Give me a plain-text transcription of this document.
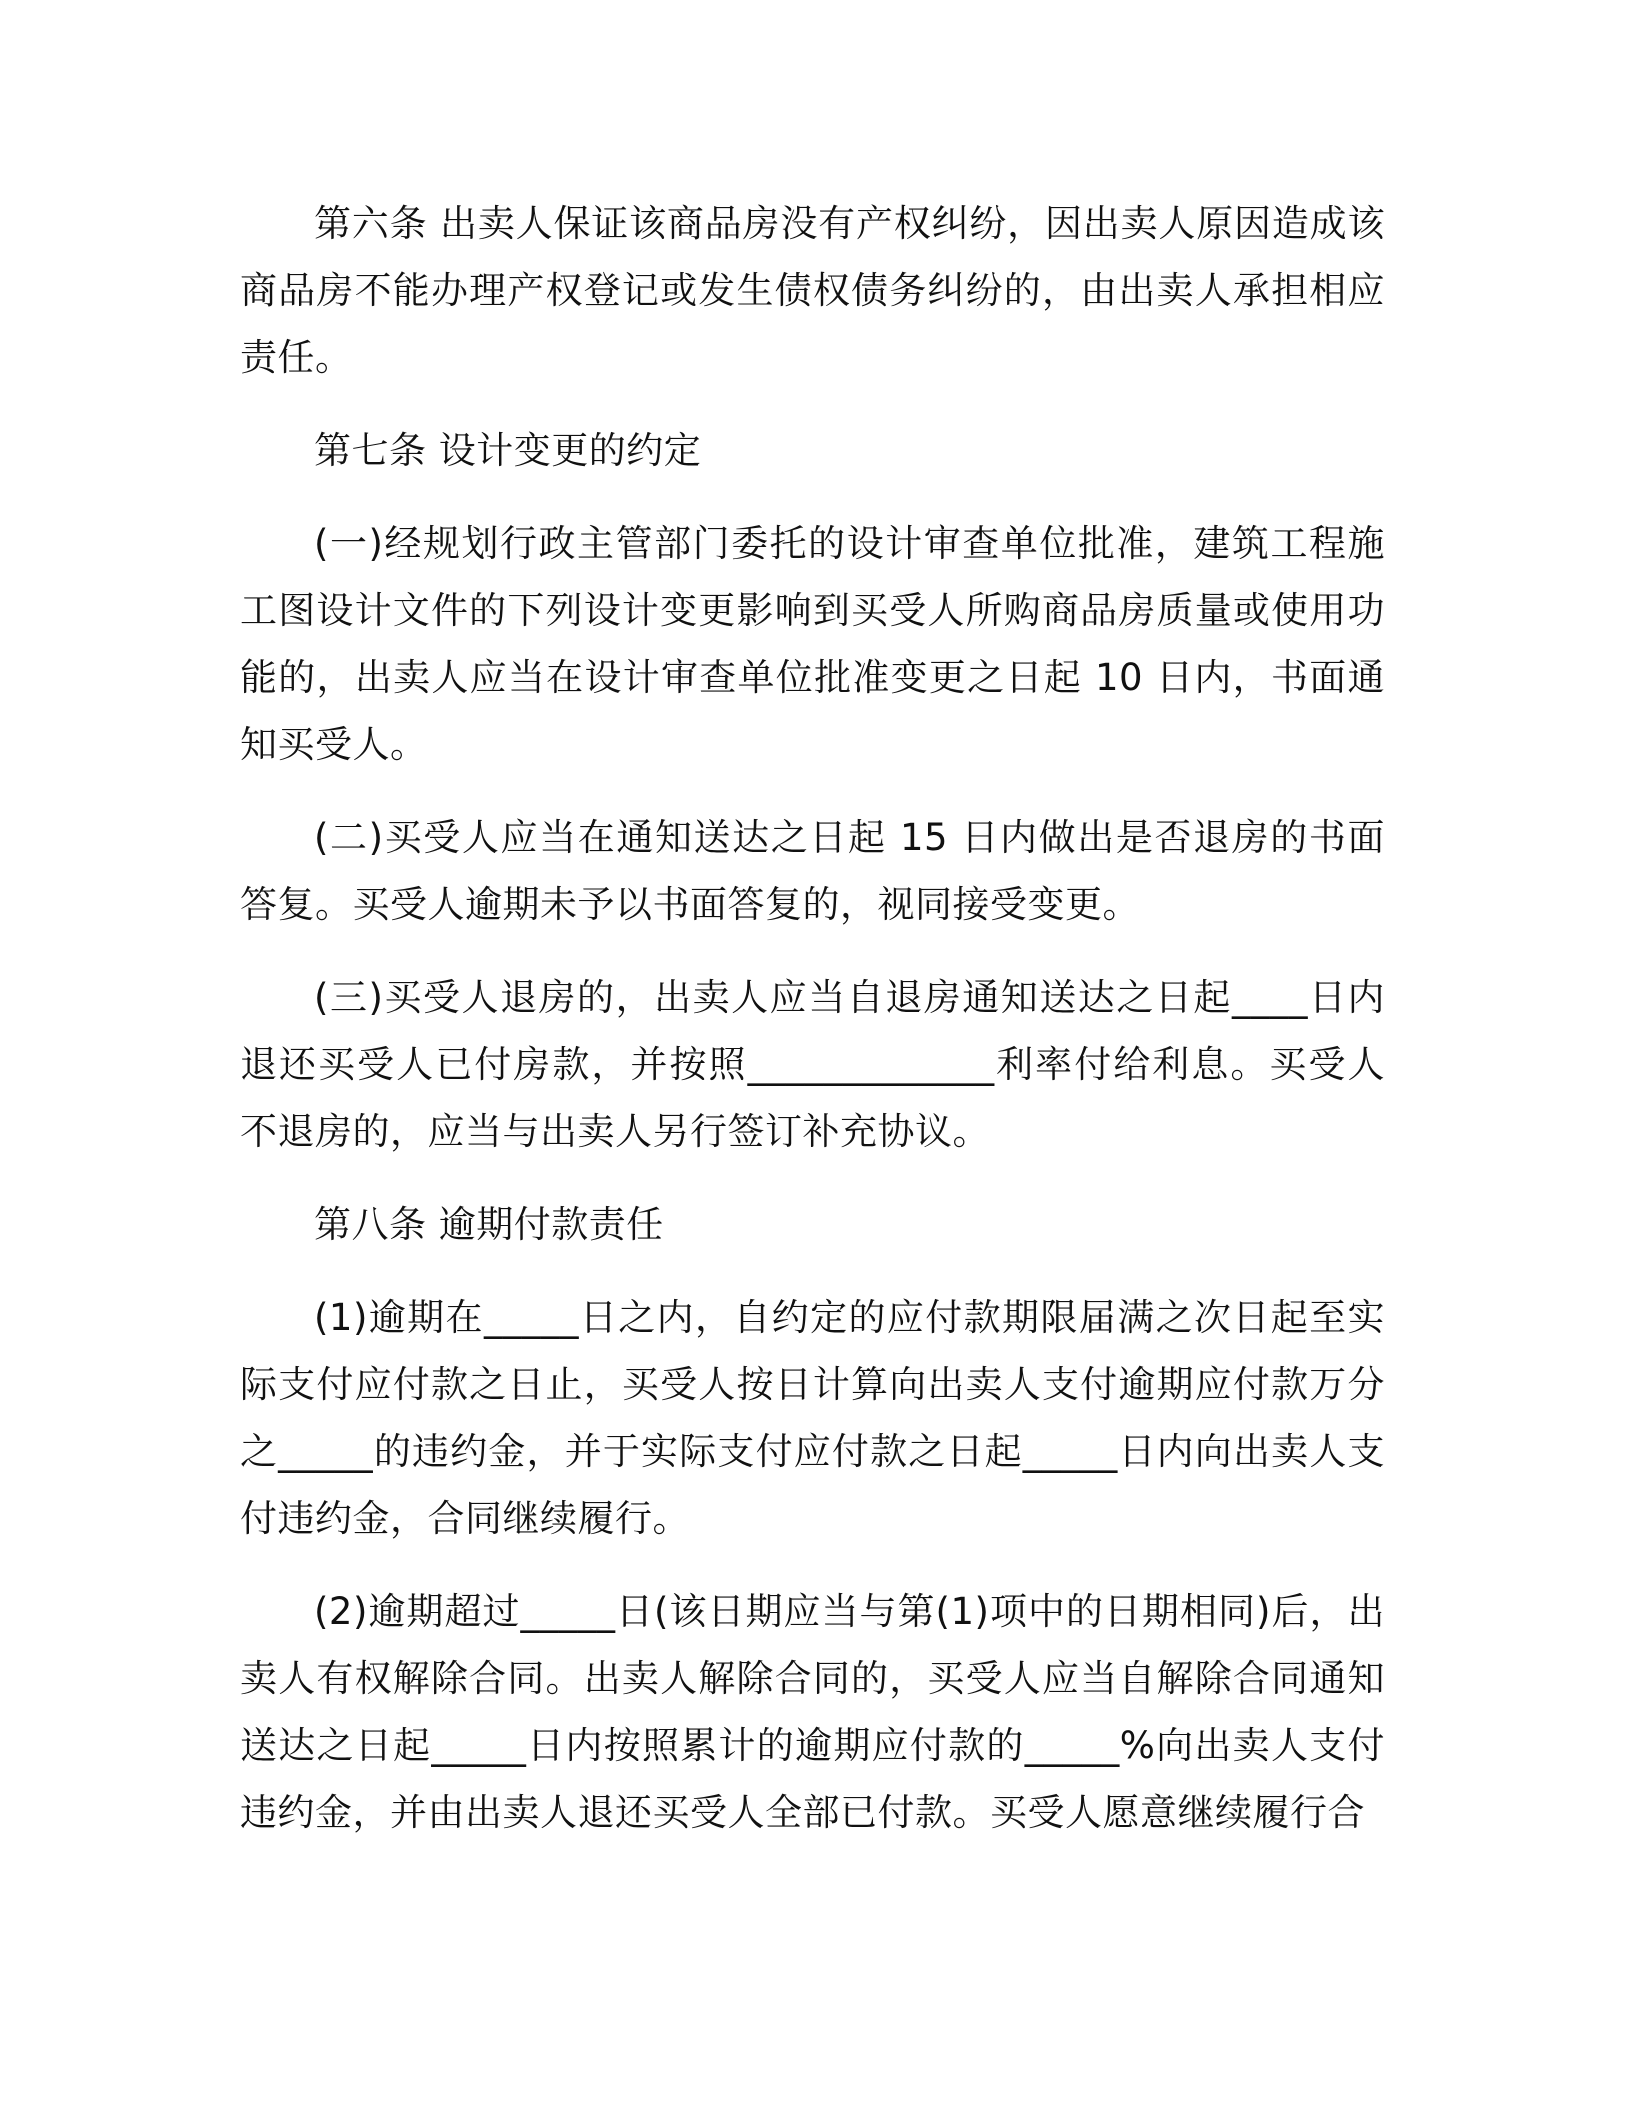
第六条 出卖人保证该商品房没有产权纠纷，因出卖人原因造成该商品房不能办理产权登记或发生债权债务纠纷的，由出卖人承担相应责任。

第七条 设计变更的约定

(一)经规划行政主管部门委托的设计审查单位批准，建筑工程施工图设计文件的下列设计变更影响到买受人所购商品房质量或使用功能的，出卖人应当在设计审查单位批准变更之日起 10 日内，书面通知买受人。

(二)买受人应当在通知送达之日起 15 日内做出是否退房的书面答复。买受人逾期未予以书面答复的，视同接受变更。

(三)买受人退房的，出卖人应当自退房通知送达之日起____日内退还买受人已付房款，并按照_____________利率付给利息。买受人不退房的，应当与出卖人另行签订补充协议。

第八条 逾期付款责任

(1)逾期在_____日之内，自约定的应付款期限届满之次日起至实际支付应付款之日止，买受人按日计算向出卖人支付逾期应付款万分之_____的违约金，并于实际支付应付款之日起_____日内向出卖人支付违约金，合同继续履行。

(2)逾期超过_____日(该日期应当与第(1)项中的日期相同)后，出卖人有权解除合同。出卖人解除合同的，买受人应当自解除合同通知送达之日起_____日内按照累计的逾期应付款的_____%向出卖人支付违约金，并由出卖人退还买受人全部已付款。买受人愿意继续履行合
